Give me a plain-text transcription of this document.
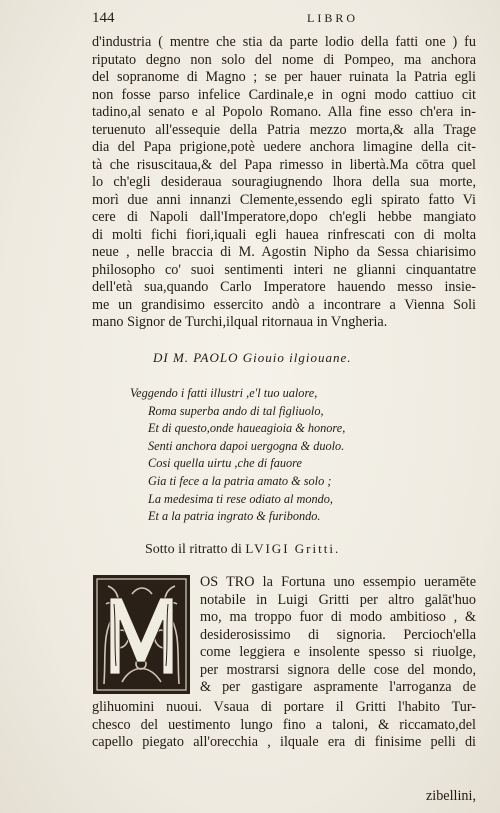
144	LIBRO
d'industria ( mentre che stia da parte lodio della fatti one ) fu
riputato degno non solo del nome di Pompeo, ma anchora
del sopranome di Magno ; se per hauer ruinata la Patria egli
non fosse parso infelice Cardinale,e in ogni modo cattiuo cit
tadino,al senato e al Popolo Romano. Alla fine esso ch'era in-
teruenuto all'essequie della Patria mezzo morta,& alla Trage
dia del Papa prigione,potè uedere anchora limagine della cit-
tà che risuscitaua,& del Papa rimesso in libertà.Ma cōtra quel
lo ch'egli desideraua souragiugnendo lhora della sua morte,
morì due anni innanzi Clemente,essendo egli spirato fatto Vi
cere di Napoli dall'Imperatore,dopo ch'egli hebbe mangiato
di molti fichi fiori,iquali egli hauea rinfrescati con di molta
neue , nelle braccia di M. Agostin Nipho da Sessa chiarisimo
philosopho co' suoi sentimenti interi ne glianni cinquantatre
dell'età sua,quando Carlo Imperatore hauendo messo insie-
me un grandisimo essercito andò a incontrare a Vienna Soli
mano Signor de Turchi,ilqual ritornaua in Vngheria.
DI M. PAOLO Giouio ilgiouane.
Veggendo i fatti illustri ,e'l tuo ualore,
Roma superba ando di tal figliuolo,
Et di questo,onde haueagioia & honore,
Senti anchora dapoi uergogna & duolo.
Cosi quella uirtu ,che di fauore
Gia ti fece a la patria amato & solo ;
La medesima ti rese odiato al mondo,
Et a la patria ingrato & furibondo.
Sotto il ritratto di LVIGI Gritti.
OS TRO la Fortuna uno essempio ueramēte
notabile in Luigi Gritti per altro galāt'huo
mo, ma troppo fuor di modo ambitioso , &
desiderosissimo di signoria. Percioch'ella
come leggiera e insolente spesso si riuolge,
per mostrarsi signora delle cose del mondo,
& per gastigare aspramente l'arroganza de
glihuomini nuoui. Vsaua di portare il Gritti l'habito Tur-
chesco del uestimento lungo fino a taloni, & riccamato,del
capello piegato all'orecchia , ilquale era di finisime pelli di
zibellini,
